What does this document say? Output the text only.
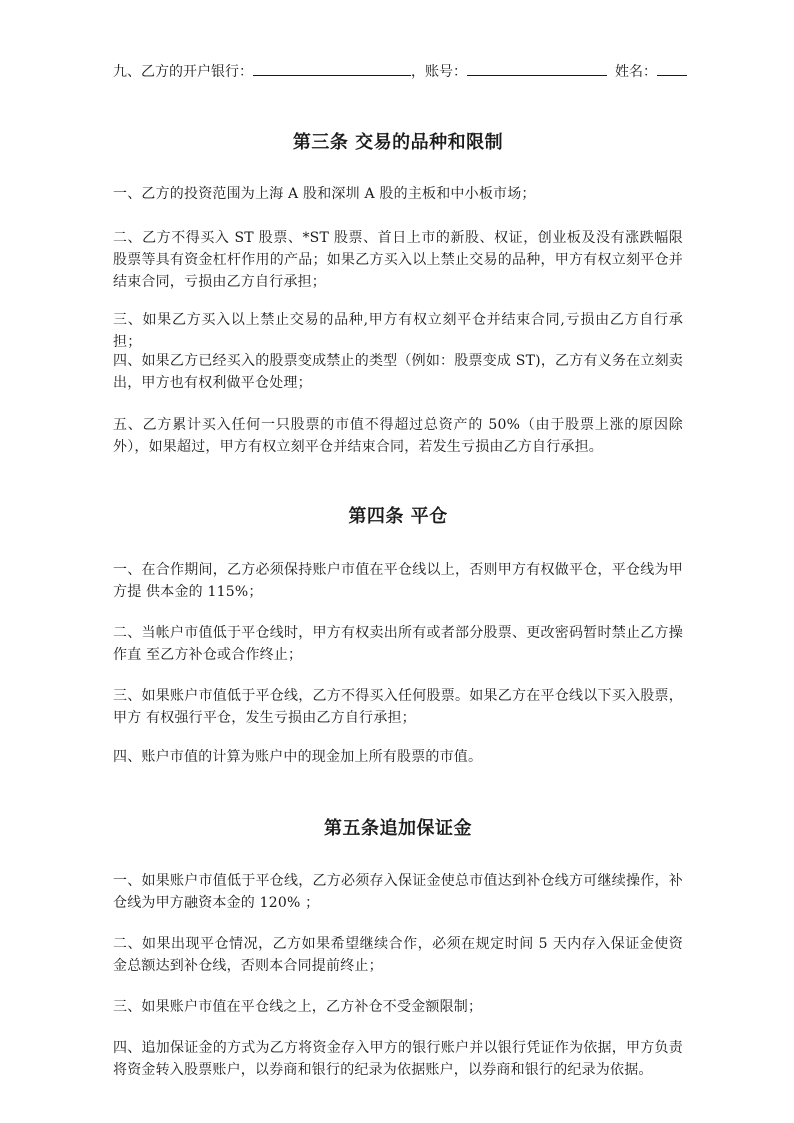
九、乙方的开户银行：	，账号：	姓名：
第三条 交易的品种和限制
一、乙方的投资范围为上海 A 股和深圳 A 股的主板和中小板市场；
二、乙方不得买入 ST 股票、*ST 股票、首日上市的新股、权证，创业板及没有涨跌幅限股票等具有资金杠杆作用的产品；如果乙方买入以上禁止交易的品种，甲方有权立刻平仓并结束合同，亏损由乙方自行承担；
三、如果乙方买入以上禁止交易的品种,甲方有权立刻平仓并结束合同,亏损由乙方自行承担；
四、如果乙方已经买入的股票变成禁止的类型（例如：股票变成 ST)，乙方有义务在立刻卖出，甲方也有权利做平仓处理；
五、乙方累计买入任何一只股票的市值不得超过总资产的 50%（由于股票上涨的原因除外），如果超过，甲方有权立刻平仓并结束合同，若发生亏损由乙方自行承担。
第四条 平仓
一、在合作期间，乙方必须保持账户市值在平仓线以上，否则甲方有权做平仓，平仓线为甲方提 供本金的 115%；
二、当帐户市值低于平仓线时，甲方有权卖出所有或者部分股票、更改密码暂时禁止乙方操作直 至乙方补仓或合作终止；
三、如果账户市值低于平仓线，乙方不得买入任何股票。如果乙方在平仓线以下买入股票，甲方 有权强行平仓，发生亏损由乙方自行承担；
四、账户市值的计算为账户中的现金加上所有股票的市值。
第五条追加保证金
一、如果账户市值低于平仓线，乙方必须存入保证金使总市值达到补仓线方可继续操作，补仓线为甲方融资本金的 120% ；
二、如果出现平仓情况，乙方如果希望继续合作，必须在规定时间 5 天内存入保证金使资金总额达到补仓线，否则本合同提前终止；
三、如果账户市值在平仓线之上，乙方补仓不受金额限制；
四、追加保证金的方式为乙方将资金存入甲方的银行账户并以银行凭证作为依据，甲方负责将资金转入股票账户，以券商和银行的纪录为依据账户，以券商和银行的纪录为依据。
